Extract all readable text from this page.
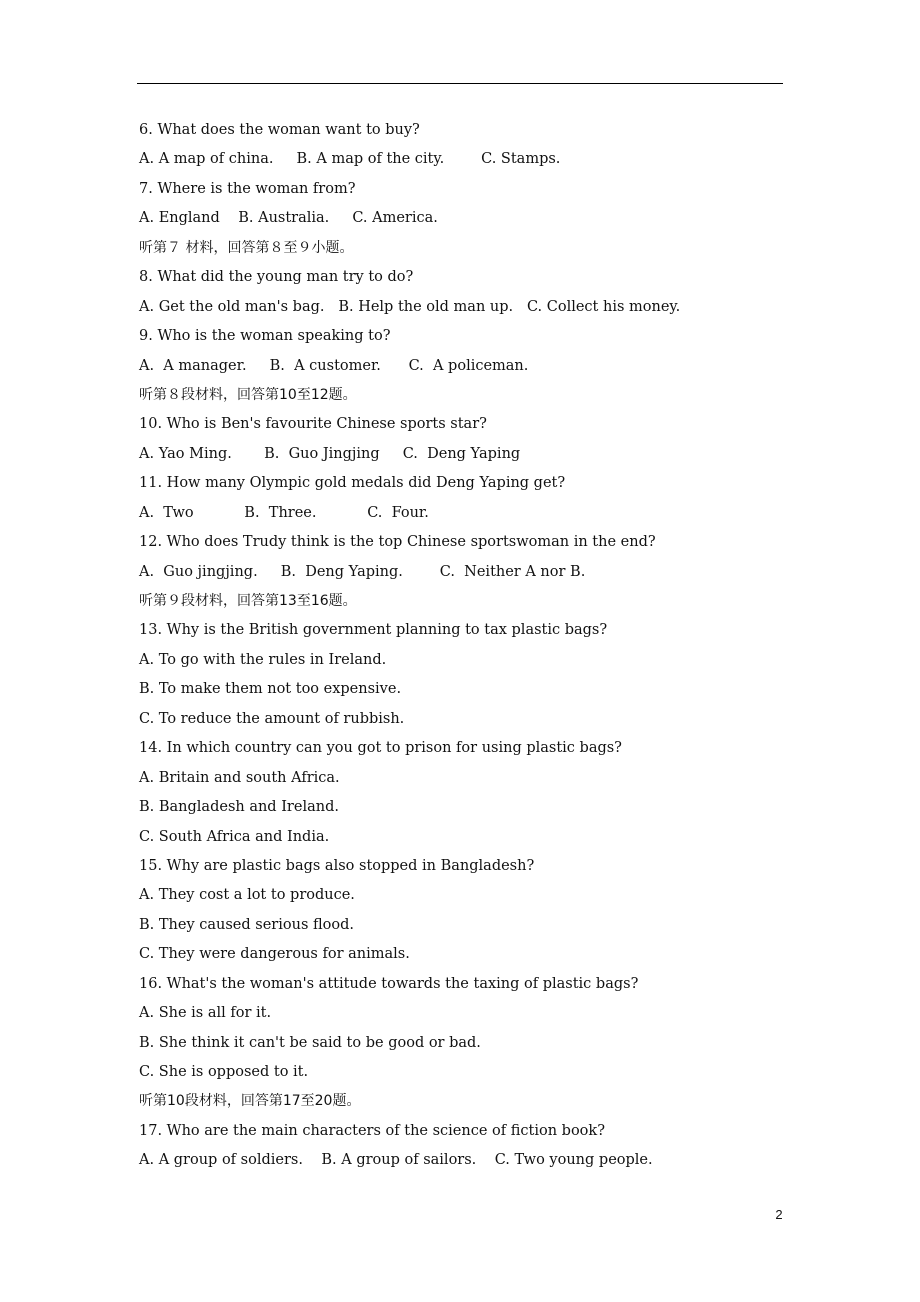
6. What does the woman want to buy?
A. A map of china.     B. A map of the city.        C. Stamps.
7. Where is the woman from?
A. England    B. Australia.     C. America.
听第７ 材料，回答第８至９小题。
8. What did the young man try to do?
A. Get the old man's bag.   B. Help the old man up.   C. Collect his money.
9. Who is the woman speaking to?
A.  A manager.     B.  A customer.      C.  A policeman.
听第８段材料，回答第10至12题。
10. Who is Ben's favourite Chinese sports star?
A. Yao Ming.       B.  Guo Jingjing     C.  Deng Yaping
11. How many Olympic gold medals did Deng Yaping get?
A.  Two           B.  Three.           C.  Four.
12. Who does Trudy think is the top Chinese sportswoman in the end?
A.  Guo jingjing.     B.  Deng Yaping.        C.  Neither A nor B.
听第９段材料，回答第13至16题。
13. Why is the British government planning to tax plastic bags?
A. To go with the rules in Ireland.
B. To make them not too expensive.
C. To reduce the amount of rubbish.
14. In which country can you got to prison for using plastic bags?
A. Britain and south Africa.
B. Bangladesh and Ireland.
C. South Africa and India.
15. Why are plastic bags also stopped in Bangladesh?
A. They cost a lot to produce.
B. They caused serious flood.
C. They were dangerous for animals.
16. What's the woman's attitude towards the taxing of plastic bags?
A. She is all for it.
B. She think it can't be said to be good or bad.
C. She is opposed to it.
听第10段材料，回答第17至20题。
17. Who are the main characters of the science of fiction book?
A. A group of soldiers.    B. A group of sailors.    C. Two young people.
2
